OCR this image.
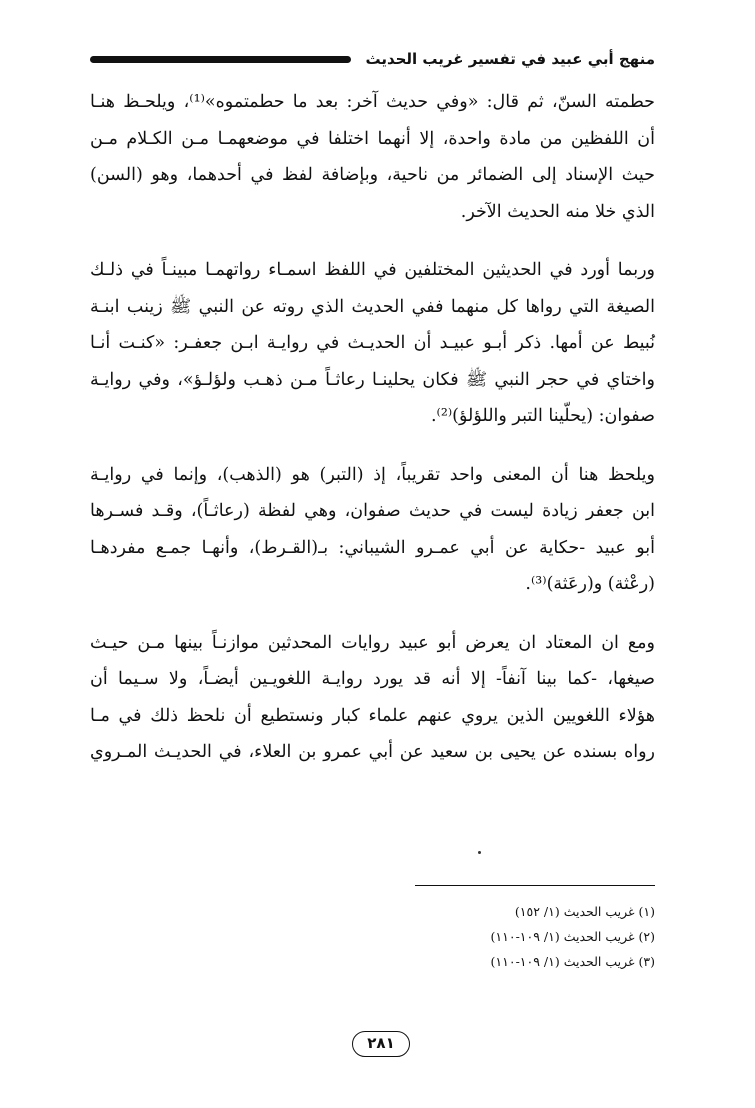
منهج أبي عبيد في تفسير غريب الحديث

حطمته السنّ، ثم قال: «وفي حديث آخر: بعد ما حطمتموه»⁽¹⁾، ويلحـظ هنـا
أن اللفظين من مادة واحدة، إلا أنهما اختلفا في موضعهمـا مـن الكـلام مـن
حيث الإسناد إلى الضمائر من ناحية، وبإضافة لفظ في أحدهما، وهو (السن)
الذي خلا منه الحديث الآخر.

وربما أورد في الحديثين المختلفين في اللفظ اسمـاء رواتهمـا مبينـاً في ذلـك
الصيغة التي رواها كل منهما ففي الحديث الذي روته عن النبي ﷺ زينب ابنـة
نُبيط عن أمها. ذكر أبـو عبيـد أن الحديـث في روايـة ابـن جعفـر: «كنـت أنـا
واختاي في حجر النبي ﷺ فكان يحلينـا رعاثـاً مـن ذهـب ولؤلـؤ»، وفي روايـة
صفوان: (يحلّينا التبر واللؤلؤ)⁽²⁾.

ويلحظ هنا أن المعنى واحد تقريباً، إذ (التبر) هو (الذهب)، وإنما في روايـة
ابن جعفر زيادة ليست في حديث صفوان، وهي لفظة (رعاثـاً)، وقـد فسـرها
أبو عبيد -حكاية عن أبي عمـرو الشيباني: بـ(القـرط)، وأنهـا جمـع مفردهـا
(رعْثة) و(رعَثة)⁽³⁾.

ومع ان المعتاد ان يعرض أبو عبيد روايات المحدثين موازنـاً بينها مـن حيـث
صيغها، -كما بينا آنفاً- إلا أنه قد يورد روايـة اللغويـين أيضـاً، ولا سـيما أن
هؤلاء اللغويين الذين يروي عنهم علماء كبار ونستطيع أن نلحظ ذلك في مـا
رواه بسنده عن يحيى بن سعيد عن أبي عمرو بن العلاء، في الحديـث المـروي

(١) غريب الحديث (١/ ١٥٢)
(٢) غريب الحديث (١/ ١٠٩-١١٠)
(٣) غريب الحديث (١/ ١٠٩-١١٠)
٢٨١
